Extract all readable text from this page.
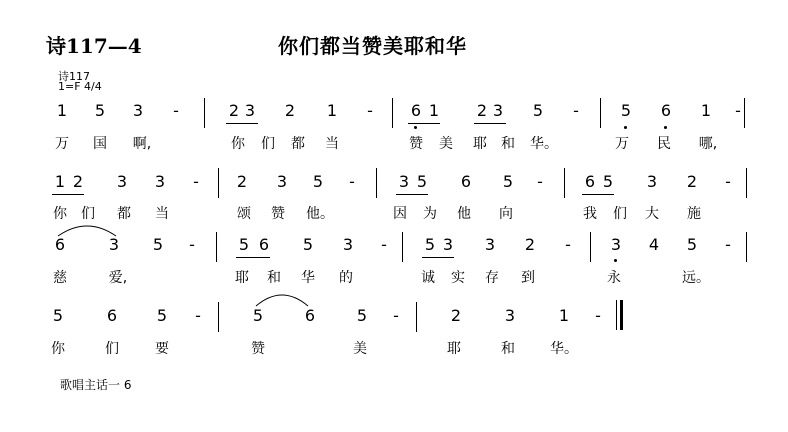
诗117—4	你们都当赞美耶和华
诗117
1=F 4/4
1	5	3	-	2 3	2	1	-	6 1	2 3	5	-	5	6	1	-
万	国	啊,	你	们	都	当	赞	美	耶	和	华。	万	民	哪,
1 2	3	3	-	2	3	5	-	3 5	6	5	-	6 5	3	2	-
你	们	都	当	颂	赞	他。	因	为	他	向	我	们	大	施
6	3	5	-	5 6	5	3	-	5 3	3	2	-	3	4	5	-
慈	爱,	耶	和	华	的	诚	实	存	到	永	远。
5	6	5	-	5	6	5	-	2	3	1	-
你	们	要	赞	美	耶	和	华。
歌唱主话一 6
